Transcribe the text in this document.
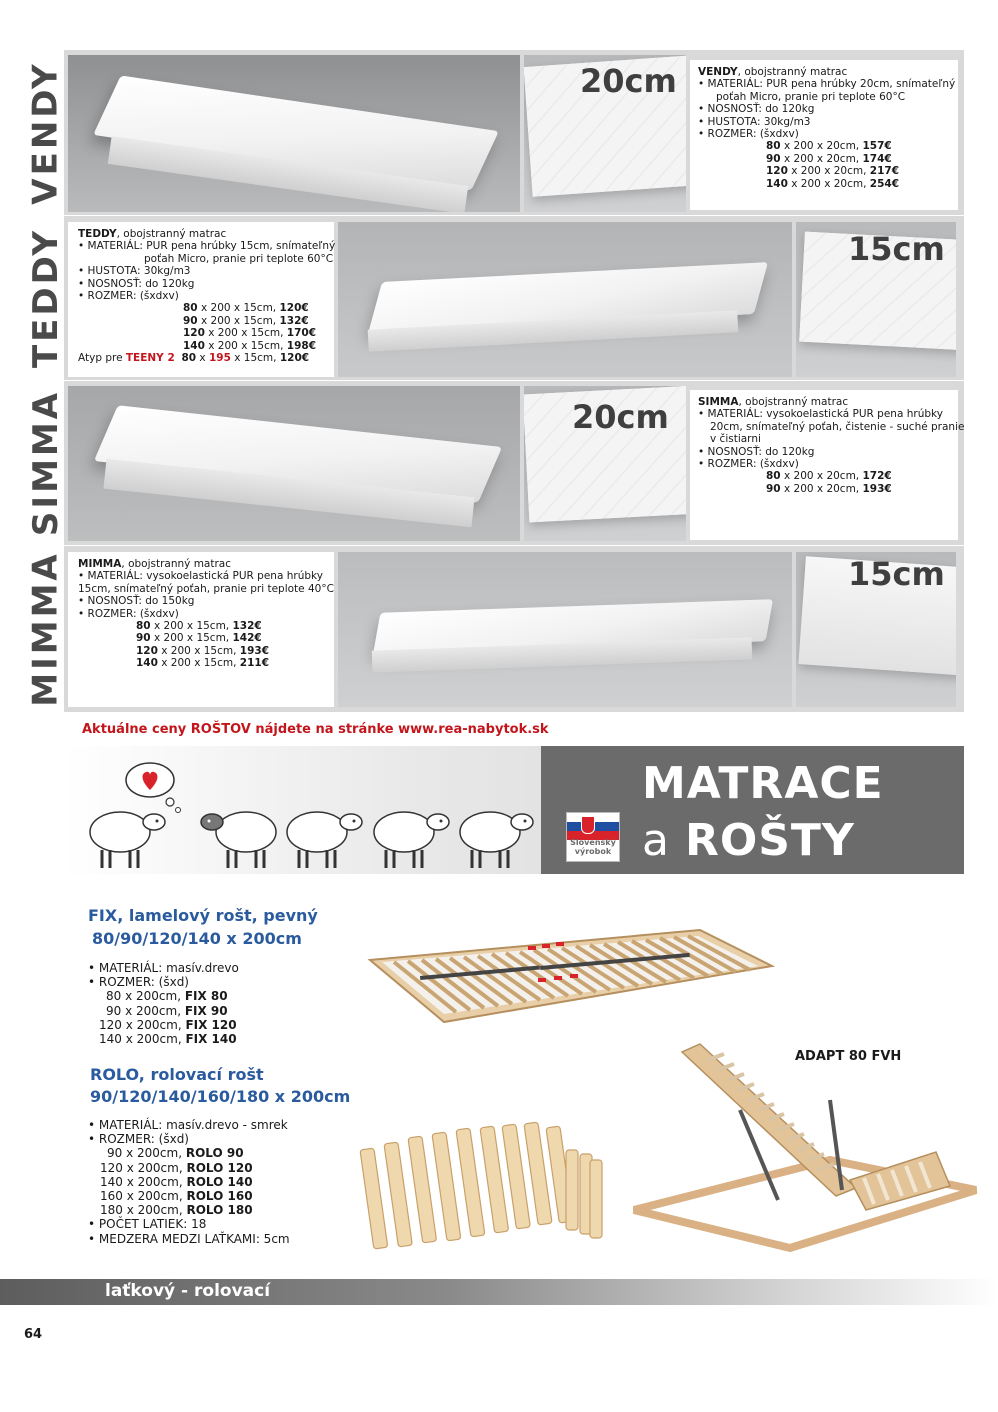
VENDY	20cm VENDY, obojstranný matrac
• MATERIÁL: PUR pena hrúbky 20cm, snímateľný
poťah Micro, pranie pri teplote 60°C
• NOSNOSŤ: do 120kg
• HUSTOTA: 30kg/m3
• ROZMER: (šxdxv)
80 x 200 x 20cm, 157€
90 x 200 x 20cm, 174€
120 x 200 x 20cm, 217€
140 x 200 x 20cm, 254€
TEDDY TEDDY, obojstranný matrac
• MATERIÁL: PUR pena hrúbky 15cm, snímateľný
poťah Micro, pranie pri teplote 60°C
• HUSTOTA: 30kg/m3
• NOSNOSŤ: do 120kg
• ROZMER: (šxdxv)
80 x 200 x 15cm, 120€
90 x 200 x 15cm, 132€
120 x 200 x 15cm, 170€
140 x 200 x 15cm, 198€
Atyp pre TEENY 2 80 x 195 x 15cm, 120€
15cm
SIMMA	20cm	SIMMA, obojstranný matrac
• MATERIÁL: vysokoelastická PUR pena hrúbky
20cm, snímateľný poťah, čistenie - suché pranie
v čistiarni
• NOSNOSŤ: do 120kg
• ROZMER: (šxdxv)
80 x 200 x 20cm, 172€
90 x 200 x 20cm, 193€
MIMMA MIMMA, obojstranný matrac
• MATERIÁL: vysokoelastická PUR pena hrúbky
15cm, snímateľný poťah, pranie pri teplote 40°C
• NOSNOSŤ: do 150kg
• ROZMER: (šxdxv)
80 x 200 x 15cm, 132€
90 x 200 x 15cm, 142€
120 x 200 x 15cm, 193€
140 x 200 x 15cm, 211€
15cm
Aktuálne ceny ROŠTOV nájdete na stránke www.rea-nabytok.sk
MATRACE
a ROŠTY
Slovenský
výrobok
FIX, lamelový rošt, pevný
80/90/120/140 x 200cm
• MATERIÁL: masív.drevo
• ROZMER: (šxd)
80 x 200cm, FIX 80
90 x 200cm, FIX 90
120 x 200cm, FIX 120
140 x 200cm, FIX 140
ROLO, rolovací rošt
90/120/140/160/180 x 200cm
• MATERIÁL: masív.drevo - smrek
• ROZMER: (šxd)
90 x 200cm, ROLO 90
120 x 200cm, ROLO 120
140 x 200cm, ROLO 140
160 x 200cm, ROLO 160
180 x 200cm, ROLO 180
• POČET LATIEK: 18
• MEDZERA MEDZI LAŤKAMI: 5cm
ADAPT 80 FVH
laťkový - rolovací
64
